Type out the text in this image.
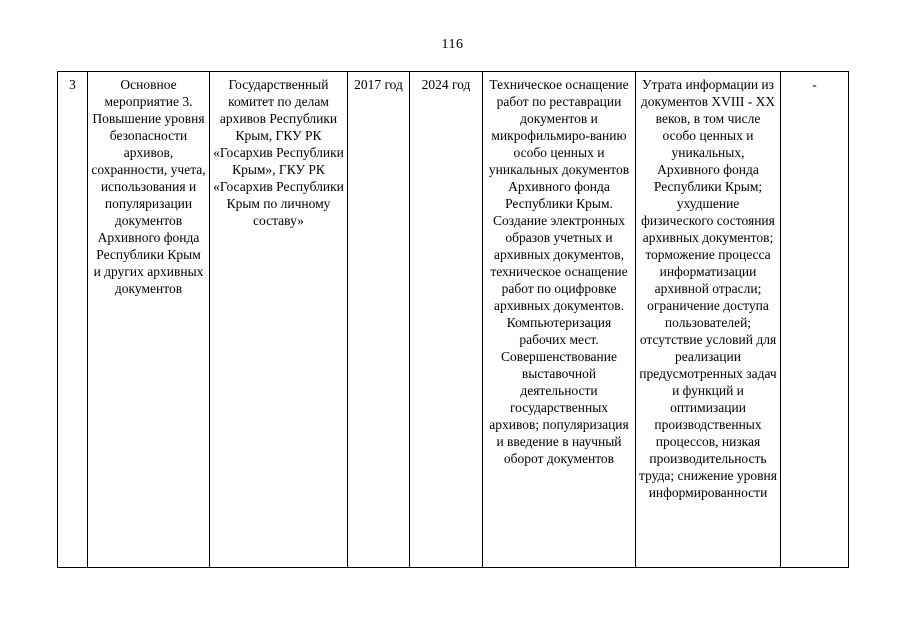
116
3	Основное мероприятие 3. Повышение уровня безопасности архивов, сохранности, учета, использования и популяризации документов Архивного фонда Республики Крым и других архивных документов	Государственный комитет по делам архивов Республики Крым, ГКУ РК «Госархив Республики Крым», ГКУ РК «Госархив Республики Крым по личному составу»	2017 год	2024 год	Техническое оснащение работ по реставрации документов и микрофильмиро-ванию особо ценных и уникальных документов Архивного фонда Республики Крым. Создание электронных образов учетных и архивных документов, техническое оснащение работ по оцифровке архивных документов. Компьютеризация рабочих мест. Совершенствование выставочной деятельности государственных архивов; популяризация и введение в научный оборот документов	Утрата информации из документов XVIII - XX веков, в том числе особо ценных и уникальных, Архивного фонда Республики Крым; ухудшение физического состояния архивных документов; торможение процесса информатизации архивной отрасли; ограничение доступа пользователей; отсутствие условий для реализации предусмотренных задач и функций и оптимизации производственных процессов, низкая производительность труда; снижение уровня информированности	-
